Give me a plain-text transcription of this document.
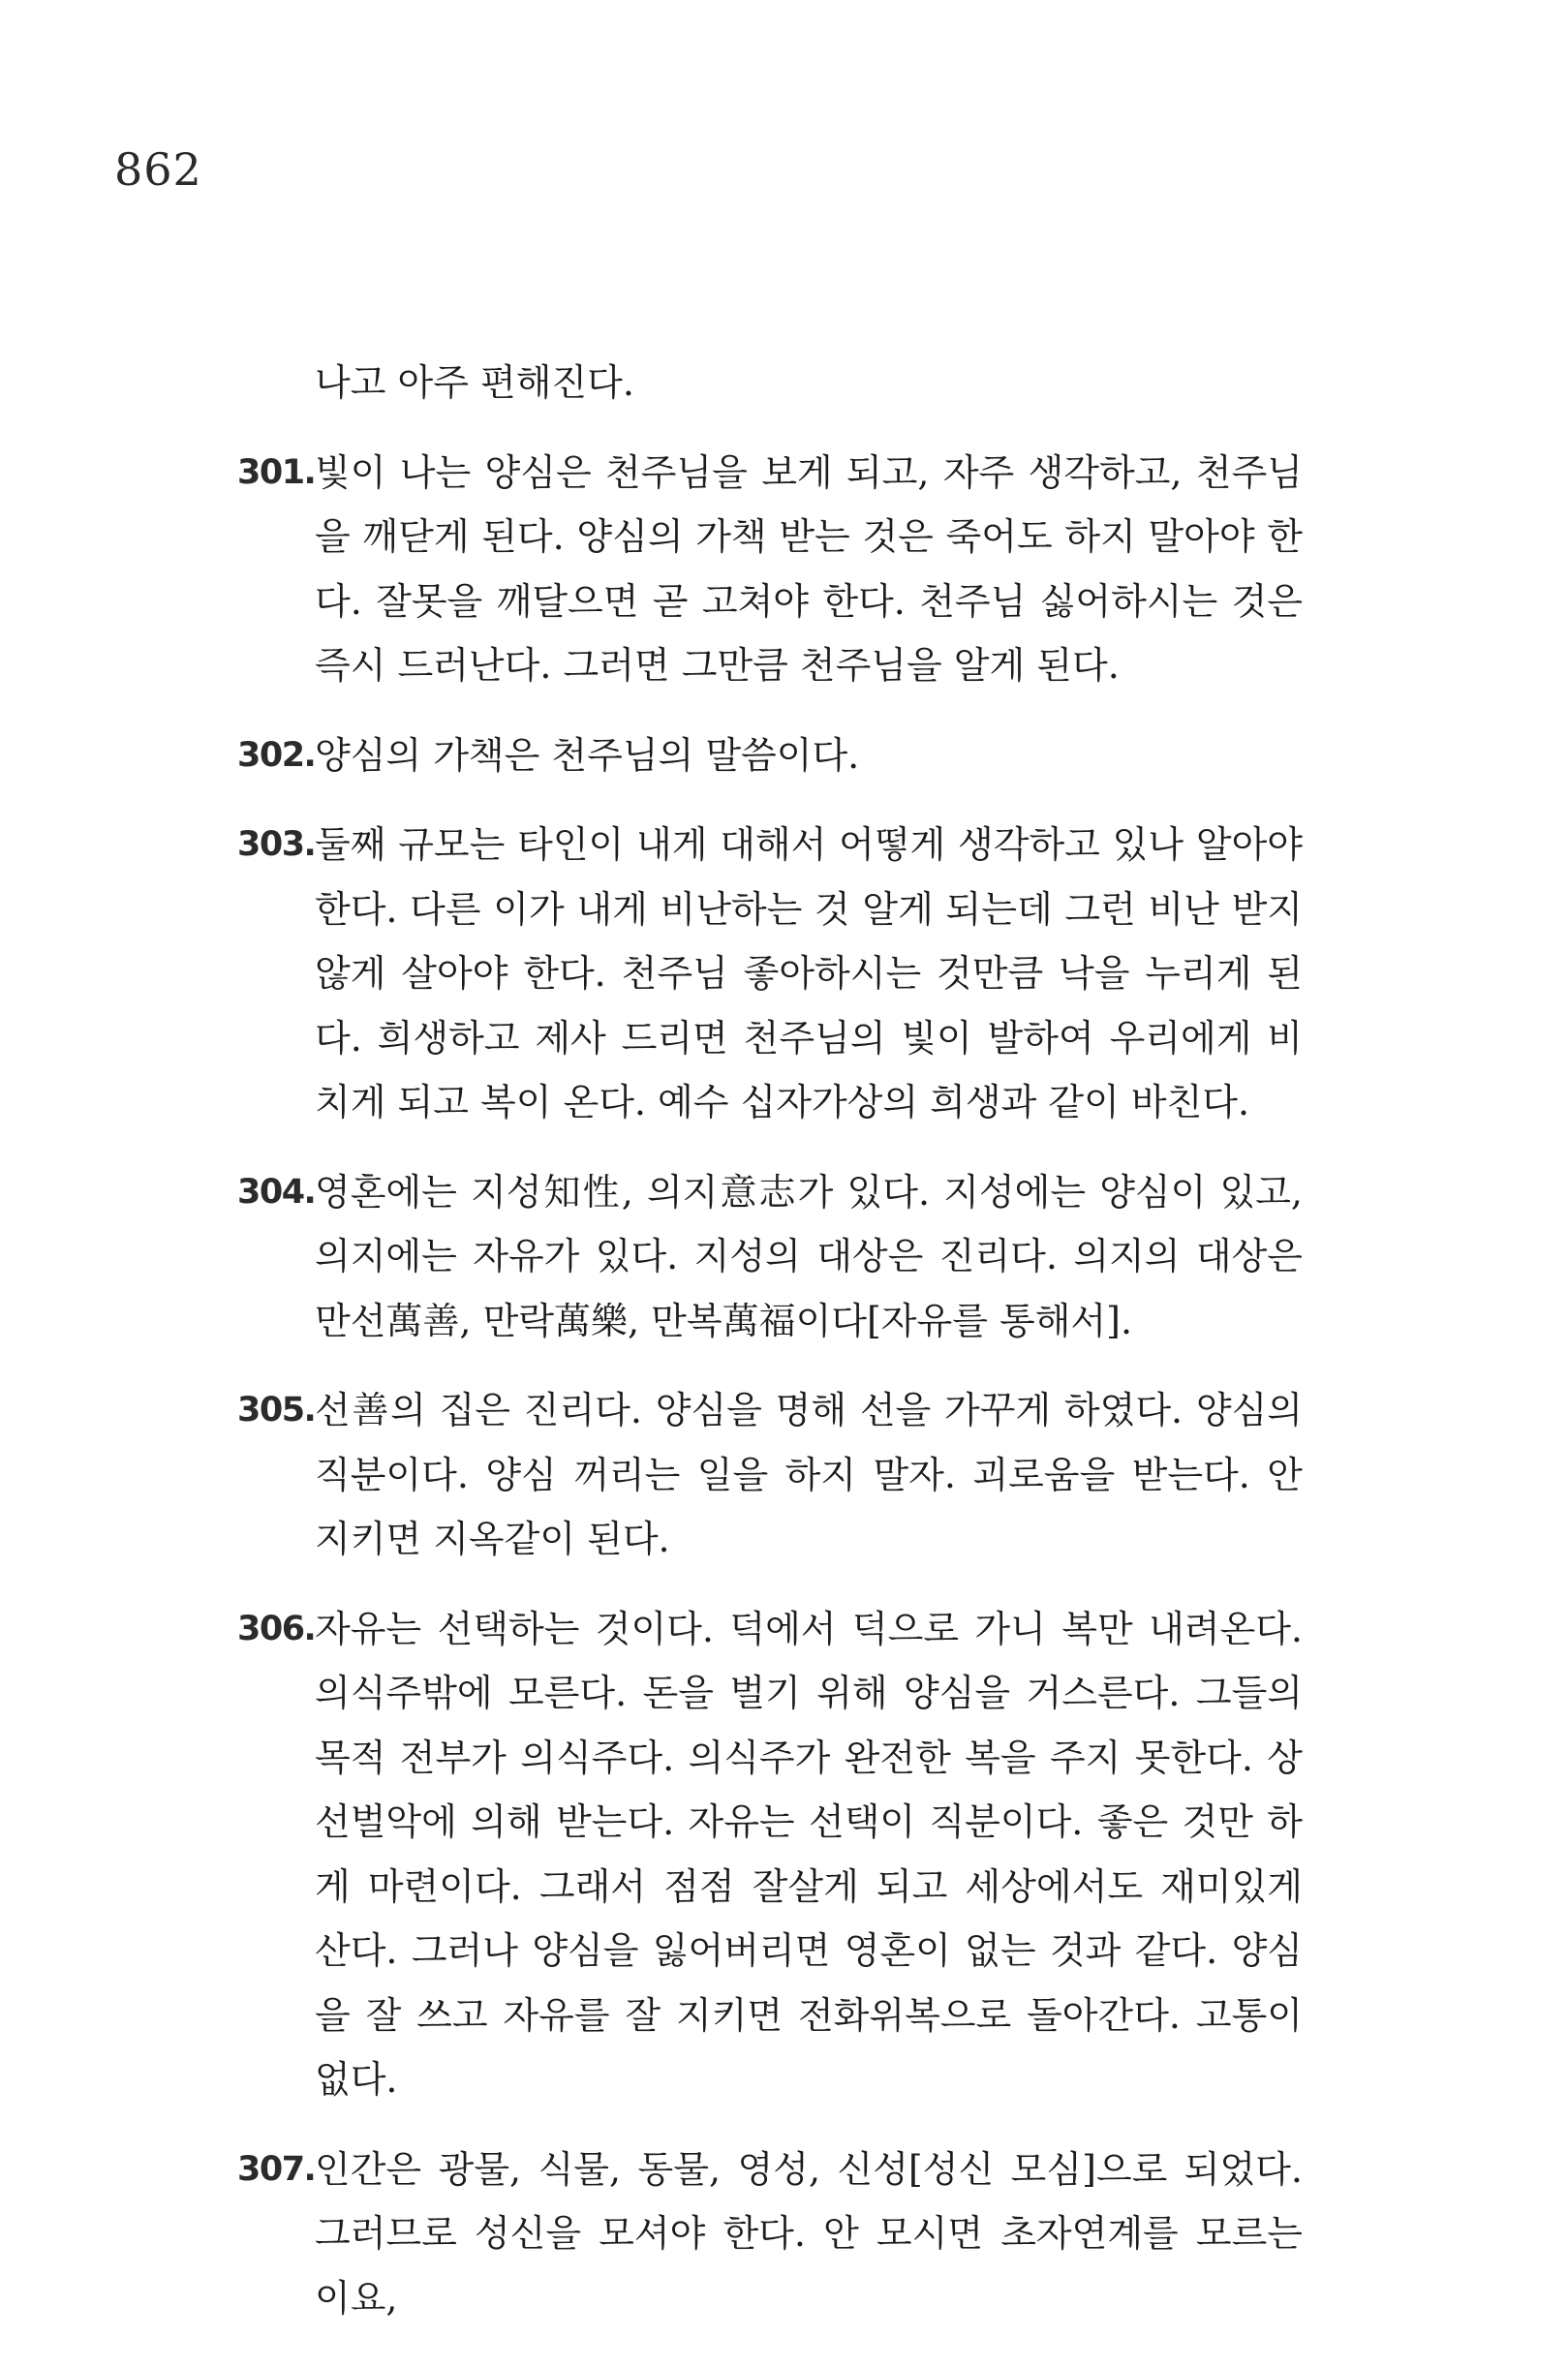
862

나고 아주 편해진다.

301. 빛이 나는 양심은 천주님을 보게 되고, 자주 생각하고, 천주님을 깨닫게 된다. 양심의 가책 받는 것은 죽어도 하지 말아야 한다. 잘못을 깨달으면 곧 고쳐야 한다. 천주님 싫어하시는 것은 즉시 드러난다. 그러면 그만큼 천주님을 알게 된다.

302. 양심의 가책은 천주님의 말씀이다.

303. 둘째 규모는 타인이 내게 대해서 어떻게 생각하고 있나 알아야 한다. 다른 이가 내게 비난하는 것 알게 되는데 그런 비난 받지 않게 살아야 한다. 천주님 좋아하시는 것만큼 낙을 누리게 된다. 희생하고 제사 드리면 천주님의 빛이 발하여 우리에게 비치게 되고 복이 온다. 예수 십자가상의 희생과 같이 바친다.

304. 영혼에는 지성知性, 의지意志가 있다. 지성에는 양심이 있고, 의지에는 자유가 있다. 지성의 대상은 진리다. 의지의 대상은 만선萬善, 만락萬樂, 만복萬福이다[자유를 통해서].

305. 선善의 집은 진리다. 양심을 명해 선을 가꾸게 하였다. 양심의 직분이다. 양심 꺼리는 일을 하지 말자. 괴로움을 받는다. 안 지키면 지옥같이 된다.

306. 자유는 선택하는 것이다. 덕에서 덕으로 가니 복만 내려온다. 의식주밖에 모른다. 돈을 벌기 위해 양심을 거스른다. 그들의 목적 전부가 의식주다. 의식주가 완전한 복을 주지 못한다. 상선벌악에 의해 받는다. 자유는 선택이 직분이다. 좋은 것만 하게 마련이다. 그래서 점점 잘살게 되고 세상에서도 재미있게 산다. 그러나 양심을 잃어버리면 영혼이 없는 것과 같다. 양심을 잘 쓰고 자유를 잘 지키면 전화위복으로 돌아간다. 고통이 없다.

307. 인간은 광물, 식물, 동물, 영성, 신성[성신 모심]으로 되었다. 그러므로 성신을 모셔야 한다. 안 모시면 초자연계를 모르는 이요,
